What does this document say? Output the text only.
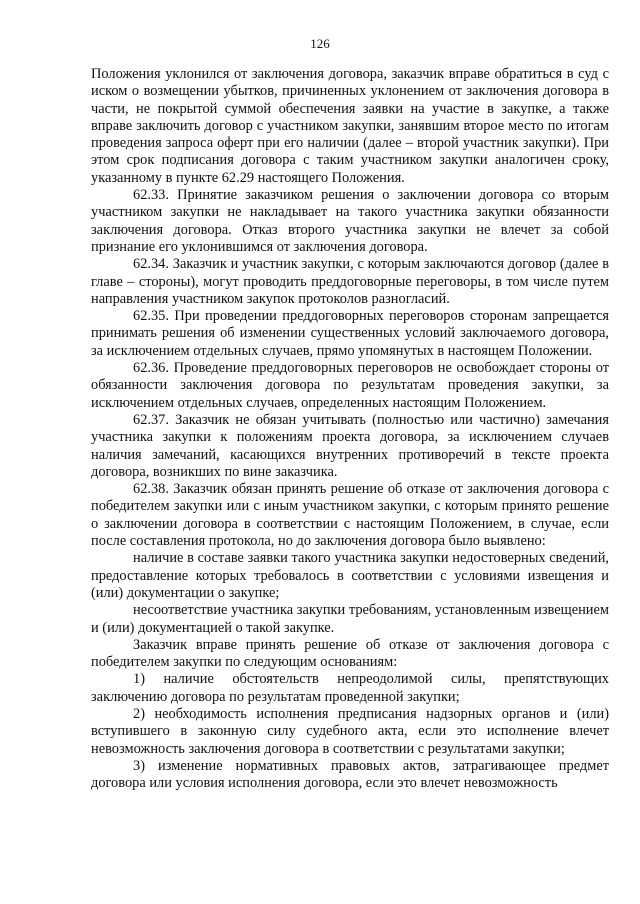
126

Положения уклонился от заключения договора, заказчик вправе обратиться в суд с иском о возмещении убытков, причиненных уклонением от заключения договора в части, не покрытой суммой обеспечения заявки на участие в закупке, а также вправе заключить договор с участником закупки, занявшим второе место по итогам проведения запроса оферт при его наличии (далее – второй участник закупки). При этом срок подписания договора с таким участником закупки аналогичен сроку, указанному в пункте 62.29 настоящего Положения.

62.33. Принятие заказчиком решения о заключении договора со вторым участником закупки не накладывает на такого участника закупки обязанности заключения договора. Отказ второго участника закупки не влечет за собой признание его уклонившимся от заключения договора.

62.34. Заказчик и участник закупки, с которым заключаются договор (далее в главе – стороны), могут проводить преддоговорные переговоры, в том числе путем направления участником закупок протоколов разногласий.

62.35. При проведении преддоговорных переговоров сторонам запрещается принимать решения об изменении существенных условий заключаемого договора, за исключением отдельных случаев, прямо упомянутых в настоящем Положении.

62.36. Проведение преддоговорных переговоров не освобождает стороны от обязанности заключения договора по результатам проведения закупки, за исключением отдельных случаев, определенных настоящим Положением.

62.37. Заказчик не обязан учитывать (полностью или частично) замечания участника закупки к положениям проекта договора, за исключением случаев наличия замечаний, касающихся внутренних противоречий в тексте проекта договора, возникших по вине заказчика.

62.38. Заказчик обязан принять решение об отказе от заключения договора с победителем закупки или с иным участником закупки, с которым принято решение о заключении договора в соответствии с настоящим Положением, в случае, если после составления протокола, но до заключения договора было выявлено:

наличие в составе заявки такого участника закупки недостоверных сведений, предоставление которых требовалось в соответствии с условиями извещения и (или) документации о закупке;

несоответствие участника закупки требованиям, установленным извещением и (или) документацией о такой закупке.

Заказчик вправе принять решение об отказе от заключения договора с победителем закупки по следующим основаниям:

1) наличие обстоятельств непреодолимой силы, препятствующих заключению договора по результатам проведенной закупки;

2) необходимость исполнения предписания надзорных органов и (или) вступившего в законную силу судебного акта, если это исполнение влечет невозможность заключения договора в соответствии с результатами закупки;

3) изменение нормативных правовых актов, затрагивающее предмет договора или условия исполнения договора, если это влечет невозможность
